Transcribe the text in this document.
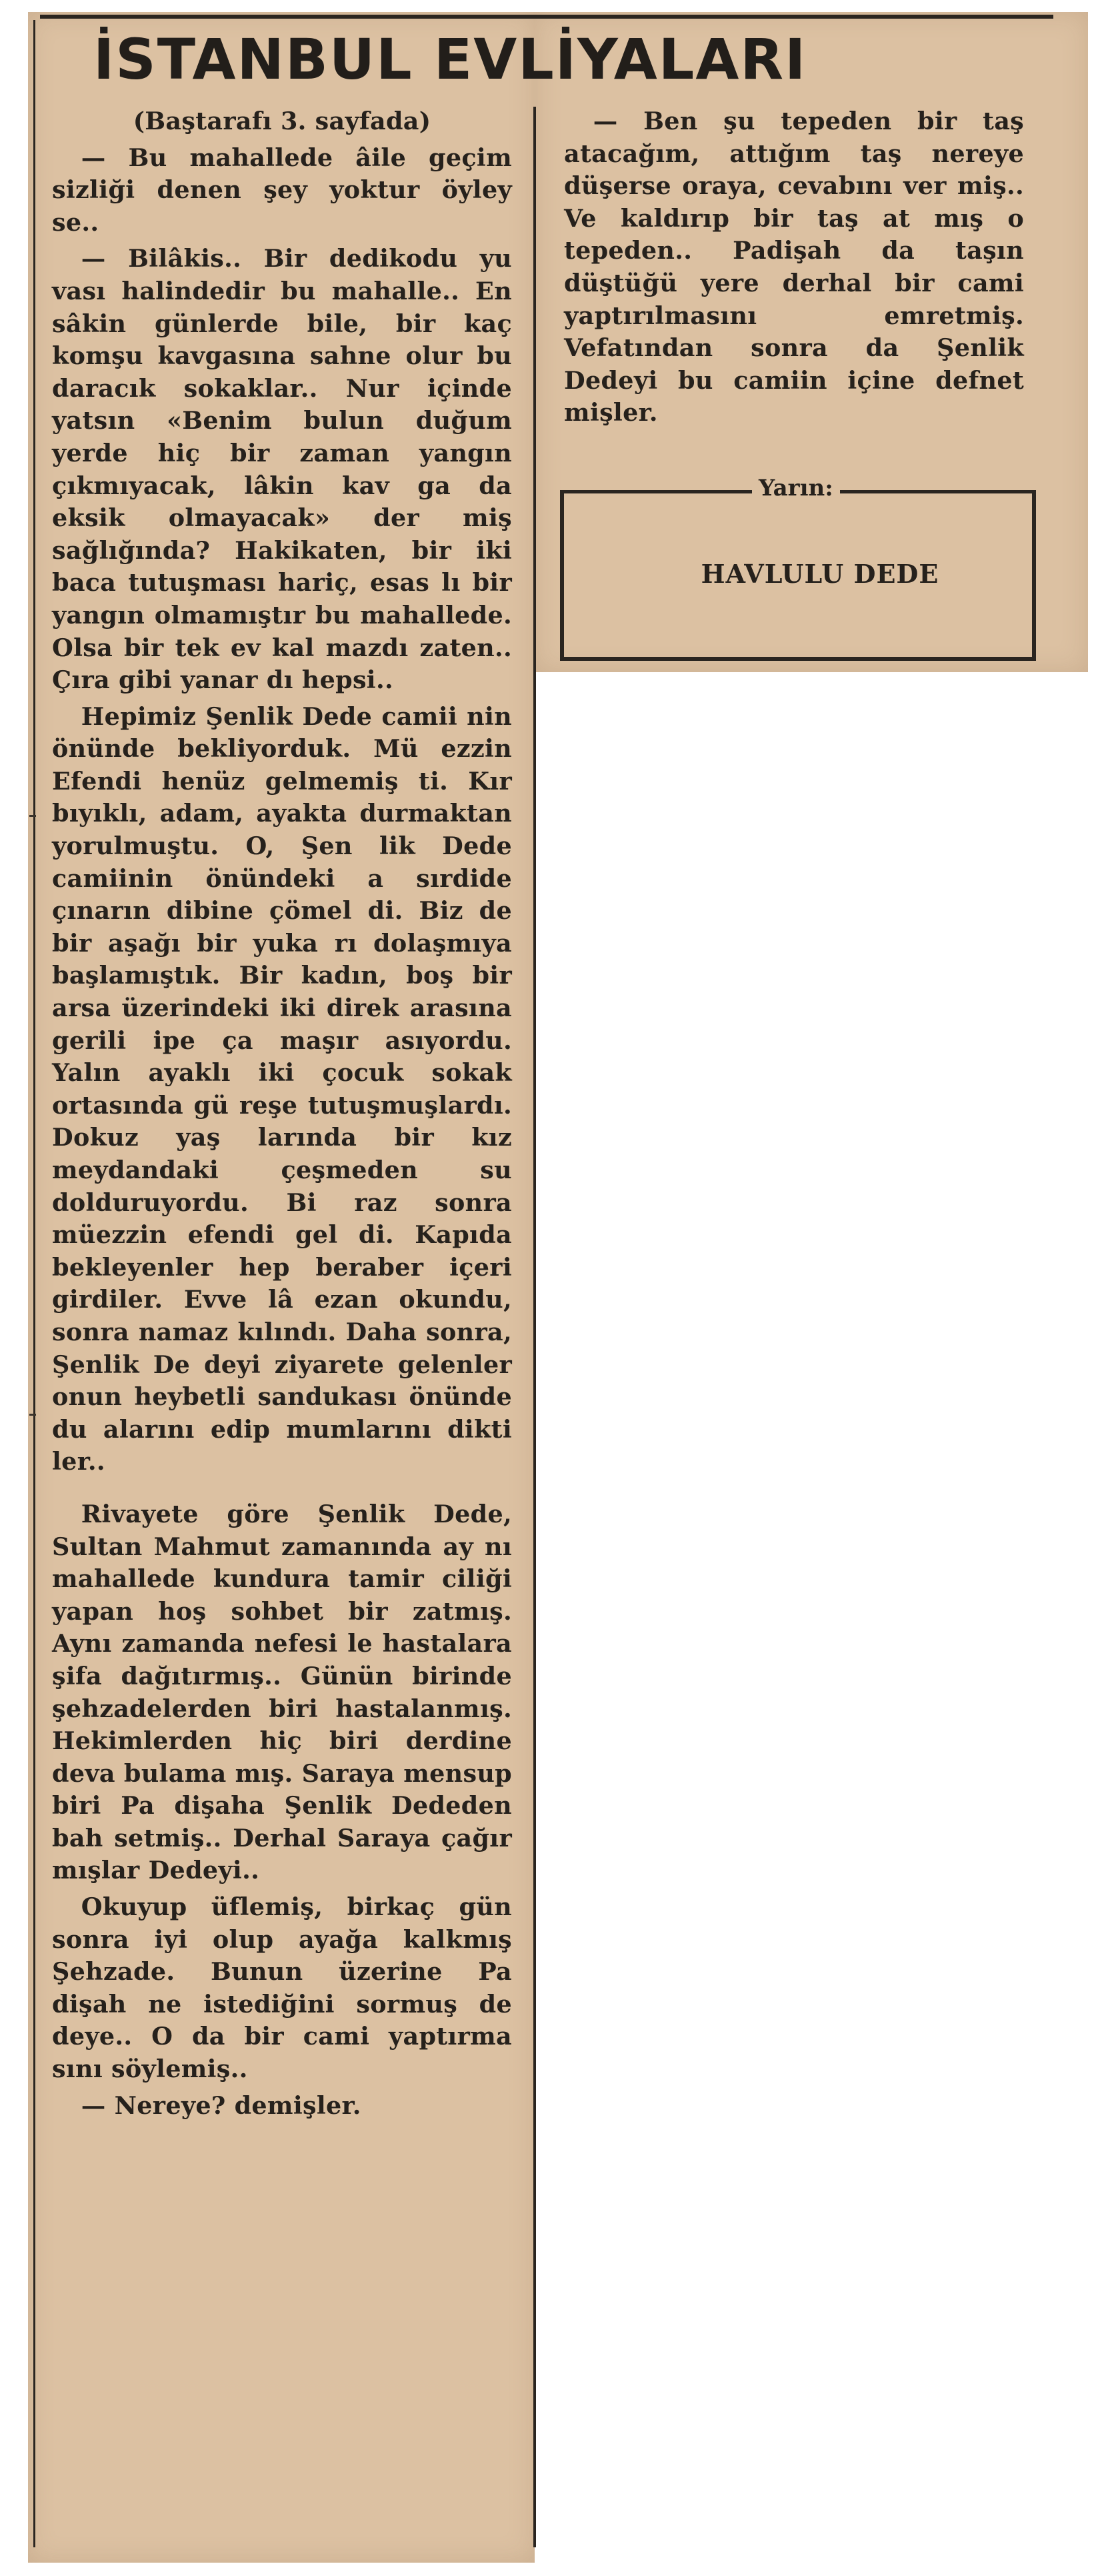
İSTANBUL EVLİYALARI

(Baştarafı 3. sayfada)

— Bu mahallede âile geçim sizliği denen şey yoktur öyley se..

— Bilâkis.. Bir dedikodu yu vası halindedir bu mahalle.. En sâkin günlerde bile, bir kaç komşu kavgasına sahne olur bu daracık sokaklar.. Nur içinde yatsın «Benim bulun duğum yerde hiç bir zaman yangın çıkmıyacak, lâkin kav ga da eksik olmayacak» der miş sağlığında? Hakikaten, bir iki baca tutuşması hariç, esas lı bir yangın olmamıştır bu mahallede. Olsa bir tek ev kal mazdı zaten.. Çıra gibi yanar dı hepsi..

Hepimiz Şenlik Dede camii nin önünde bekliyorduk. Mü ezzin Efendi henüz gelmemiş ti. Kır bıyıklı, adam, ayakta durmaktan yorulmuştu. O, Şen lik Dede camiinin önündeki a sırdide çınarın dibine çömel di. Biz de bir aşağı bir yuka rı dolaşmıya başlamıştık. Bir kadın, boş bir arsa üzerindeki iki direk arasına gerili ipe ça maşır asıyordu. Yalın ayaklı iki çocuk sokak ortasında gü reşe tutuşmuşlardı. Dokuz yaş larında bir kız meydandaki çeşmeden su dolduruyordu. Bi raz sonra müezzin efendi gel di. Kapıda bekleyenler hep beraber içeri girdiler. Evve lâ ezan okundu, sonra namaz kılındı. Daha sonra, Şenlik De deyi ziyarete gelenler onun heybetli sandukası önünde du alarını edip mumlarını dikti ler..

Rivayete göre Şenlik Dede, Sultan Mahmut zamanında ay nı mahallede kundura tamir ciliği yapan hoş sohbet bir zatmış. Aynı zamanda nefesi le hastalara şifa dağıtırmış.. Günün birinde şehzadelerden biri hastalanmış. Hekimlerden hiç biri derdine deva bulama mış. Saraya mensup biri Pa dişaha Şenlik Dededen bah setmiş.. Derhal Saraya çağır mışlar Dedeyi..

Okuyup üflemiş, birkaç gün sonra iyi olup ayağa kalkmış Şehzade. Bunun üzerine Pa dişah ne istediğini sormuş de deye.. O da bir cami yaptırma sını söylemiş..

— Nereye? demişler.

— Ben şu tepeden bir taş atacağım, attığım taş nereye düşerse oraya, cevabını ver miş.. Ve kaldırıp bir taş at mış o tepeden.. Padişah da taşın düştüğü yere derhal bir cami yaptırılmasını emretmiş. Vefatından sonra da Şenlik Dedeyi bu camiin içine defnet mişler.

Yarın:
HAVLULU DEDE
